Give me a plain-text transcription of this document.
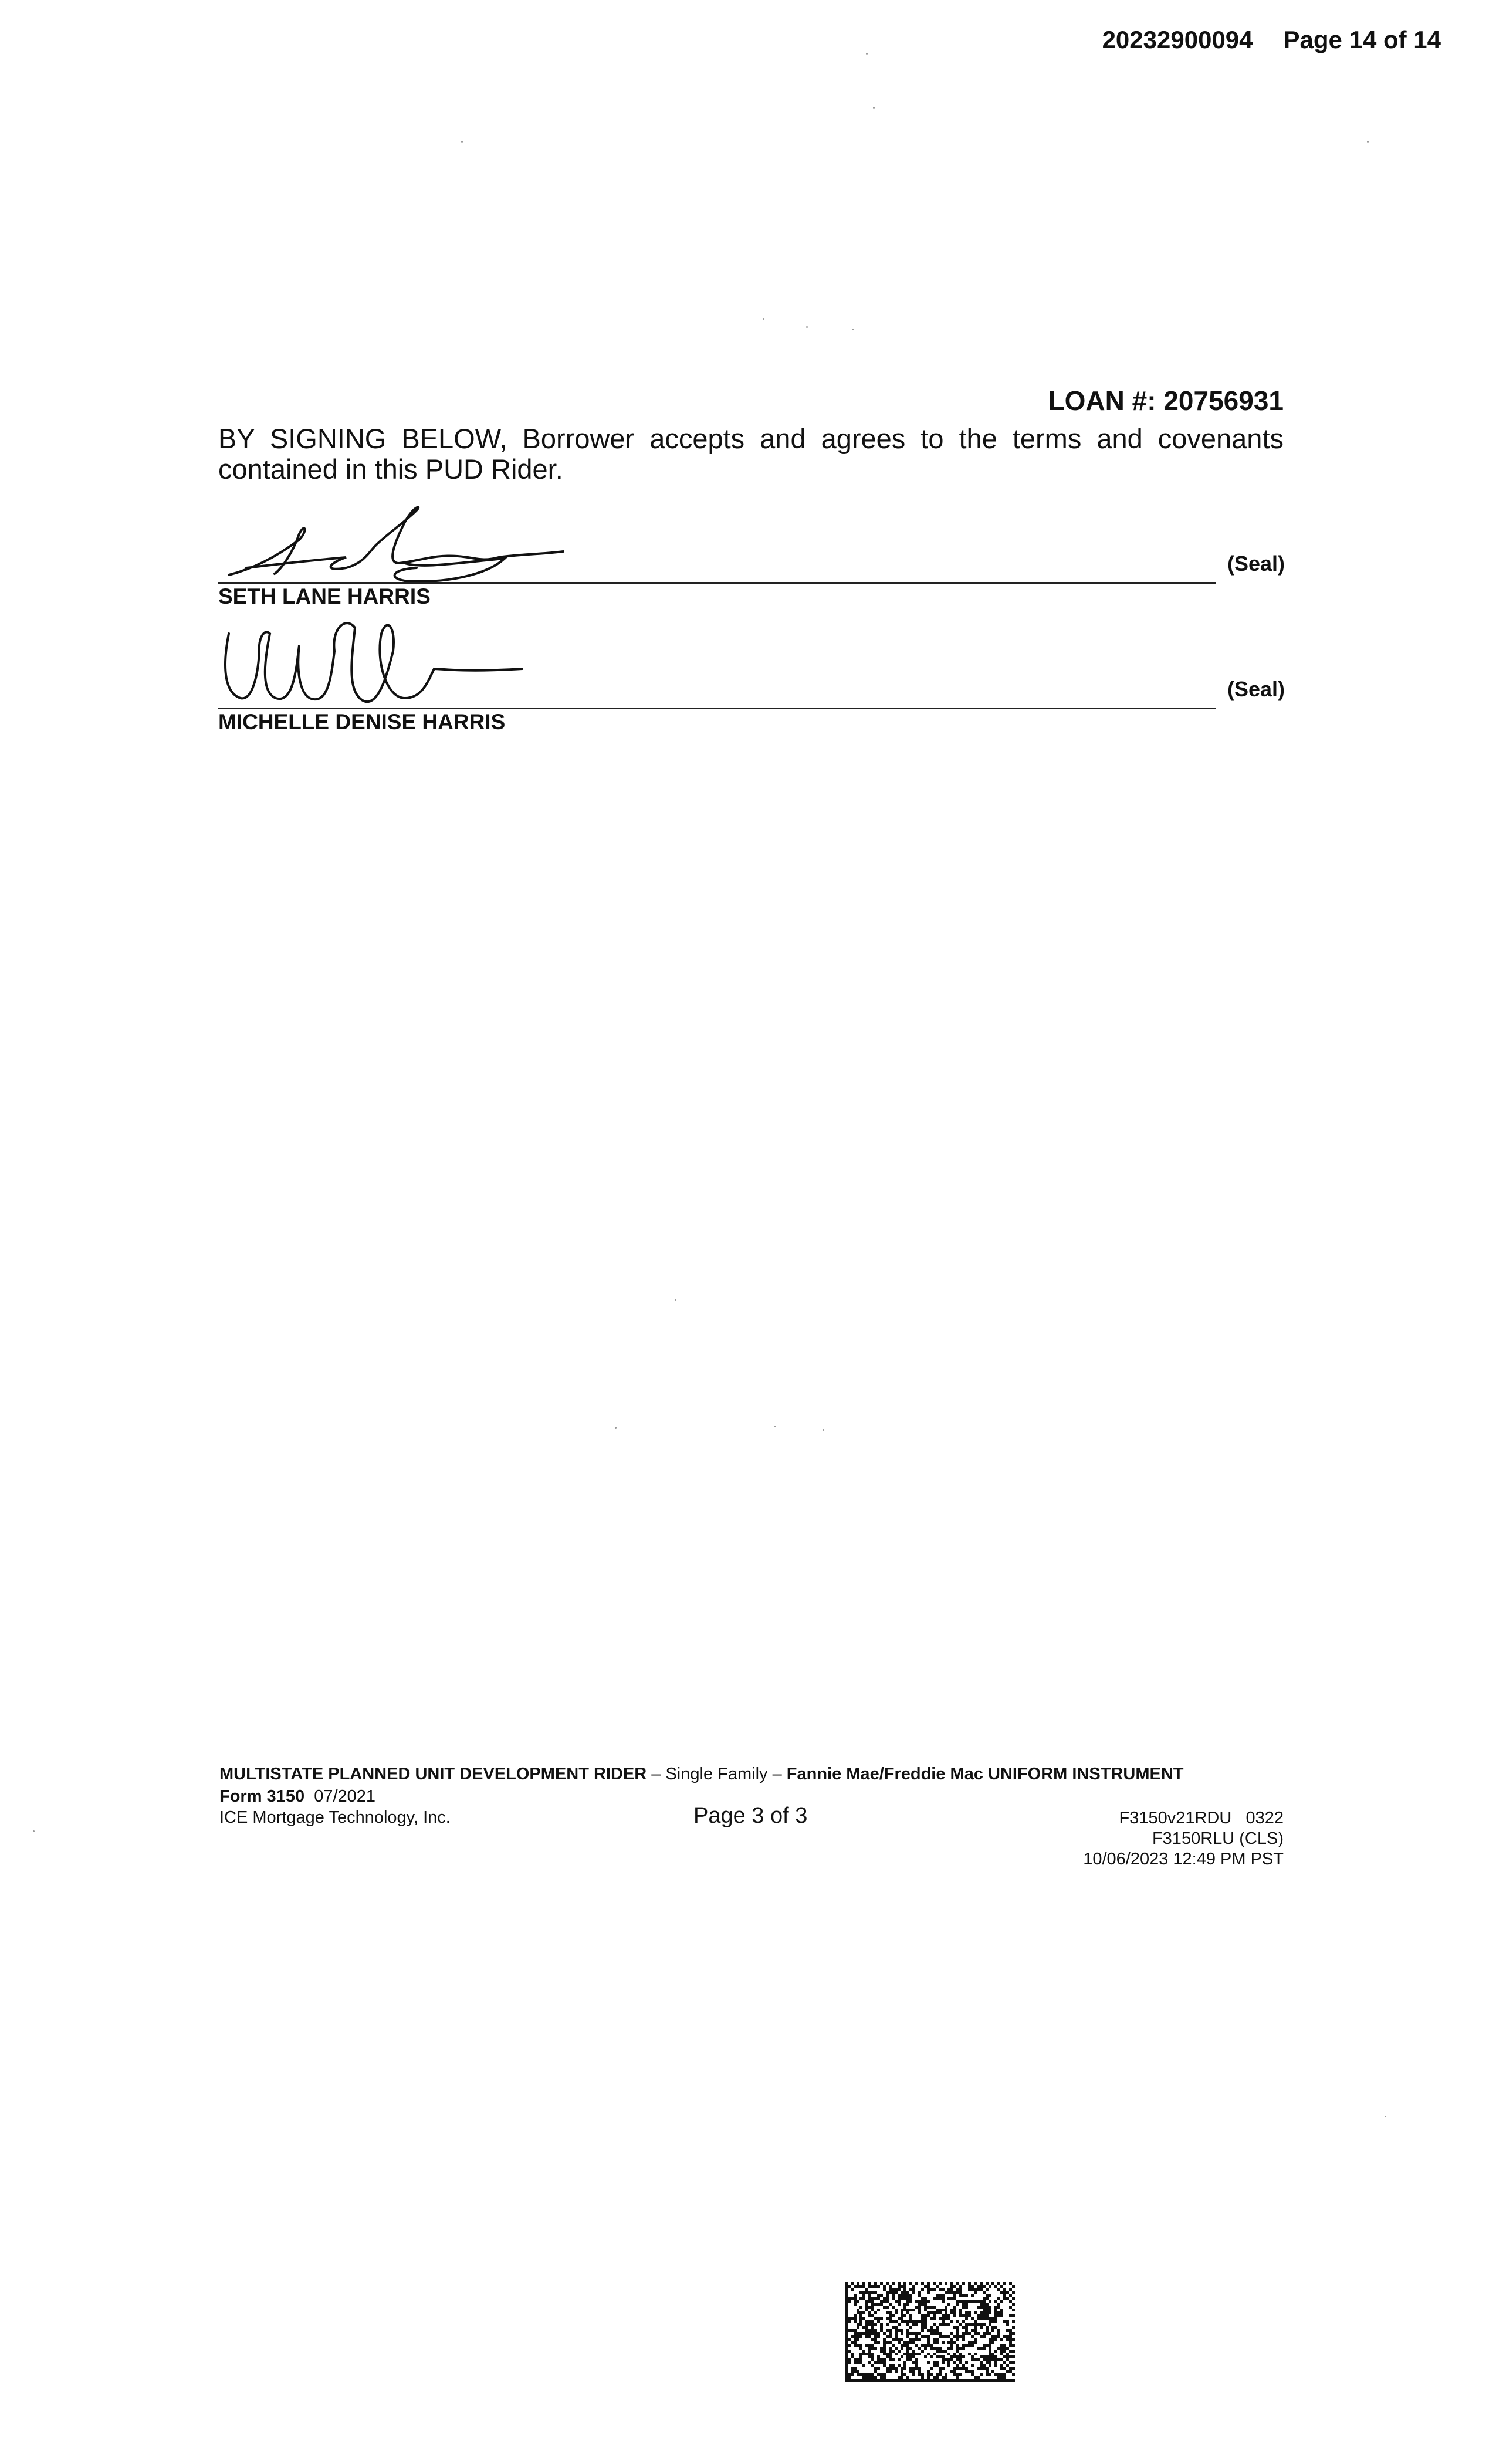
20232900094 Page 14 of 14
LOAN #: 20756931
BY SIGNING BELOW, Borrower accepts and agrees to the terms and covenants contained in this PUD Rider.
(Seal)
SETH LANE HARRIS
(Seal)
MICHELLE DENISE HARRIS
MULTISTATE PLANNED UNIT DEVELOPMENT RIDER – Single Family – Fannie Mae/Freddie Mac UNIFORM INSTRUMENT
Form 3150 07/2021
ICE Mortgage Technology, Inc.	Page 3 of 3	F3150v21RDU   0322
F3150RLU (CLS)
10/06/2023 12:49 PM PST
